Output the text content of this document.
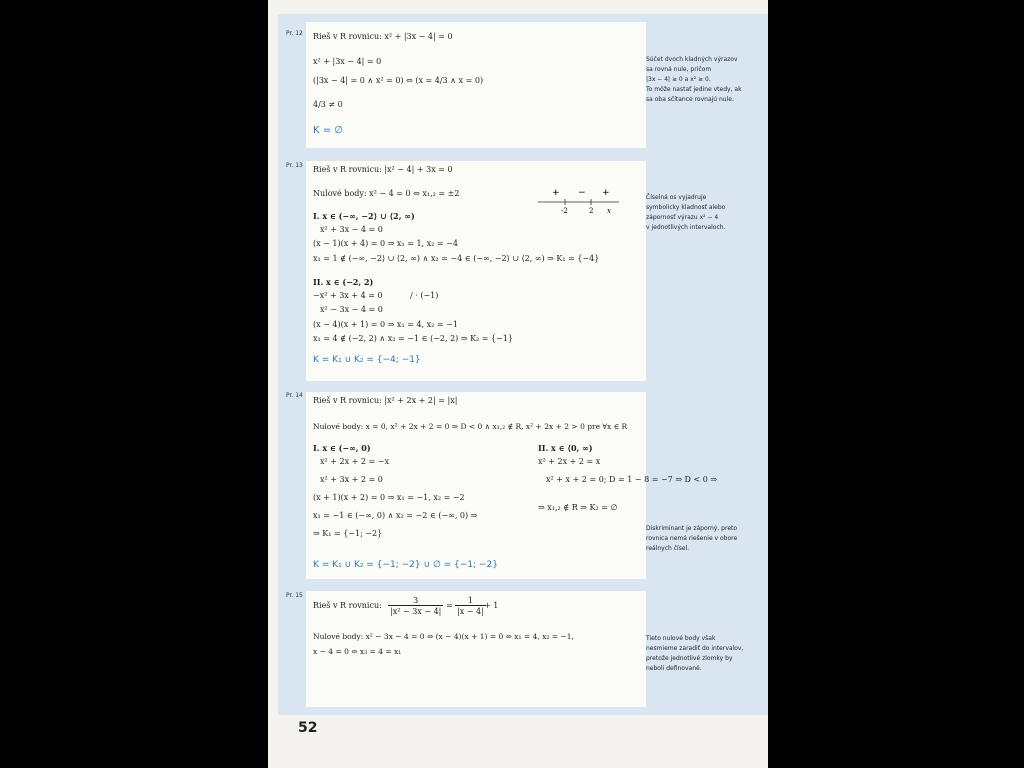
Pr. 12 Rieš v R rovnicu: x² + |3x − 4| = 0
x² + |3x − 4| = 0
(|3x − 4| = 0 ∧ x² = 0) ⇔ (x = 4/3 ∧ x = 0)
4/3 ≠ 0
K = ∅
Súčet dvoch kladných výrazov
sa rovná nule, pričom
|3x − 4| ≥ 0 a x² ≥ 0.
To môže nastať jedine vtedy, ak
sa oba sčítance rovnajú nule.
Pr. 13 Rieš v R rovnicu: |x² − 4| + 3x = 0
Nulové body: x² − 4 = 0 ⇔ x₁,₂ = ±2	+ − +
-2	2 x
I. x ∈ (−∞, −2⟩ ∪ ⟨2, ∞)
x² + 3x − 4 = 0
(x − 1)(x + 4) = 0 ⇒ x₁ = 1, x₂ = −4
x₁ = 1 ∉ (−∞, −2⟩ ∪ ⟨2, ∞) ∧ x₂ = −4 ∈ (−∞, −2⟩ ∪ ⟨2, ∞) ⇒ K₁ = {−4}
II. x ∈ (−2, 2)
−x² + 3x + 4 = 0	/ · (−1)
x² − 3x − 4 = 0
(x − 4)(x + 1) = 0 ⇒ x₁ = 4, x₂ = −1
x₁ = 4 ∉ (−2, 2) ∧ x₂ = −1 ∈ (−2, 2) ⇒ K₂ = {−1}
K = K₁ ∪ K₂ = {−4; −1}
Číselná os vyjadruje
symbolicky kladnosť alebo
zápornosť výrazu x² − 4
v jednotlivých intervaloch.
Pr. 14
Rieš v R rovnicu: |x² + 2x + 2| = |x|
Nulové body: x = 0, x² + 2x + 2 = 0 ⇒ D < 0 ∧ x₁,₂ ∉ R, x² + 2x + 2 > 0 pre ∀x ∈ R
I. x ∈ (−∞, 0)
x² + 2x + 2 = −x
x² + 3x + 2 = 0
(x + 1)(x + 2) = 0 ⇒ x₁ = −1, x₂ = −2
x₁ = −1 ∈ (−∞, 0) ∧ x₂ = −2 ∈ (−∞, 0) ⇒
⇒ K₁ = {−1; −2}
II. x ∈ ⟨0, ∞)
x² + 2x + 2 = x
x² + x + 2 = 0; D = 1 − 8 = −7 ⇒ D < 0 ⇒
⇒ x₁,₂ ∉ R ⇒ K₂ = ∅
K = K₁ ∪ K₂ = {−1; −2} ∪ ∅ = {−1; −2}
Diskriminant je záporný, preto
rovnica nemá riešenie v obore
reálnych čísel.
Pr. 15
Rieš v R rovnicu: $\frac{3}{\text{|x² − 3x − 4|}} = \frac{1}{|x - 4|}$
+ 1
Nulové body: x² − 3x − 4 = 0 ⇔ (x − 4)(x + 1) = 0 ⇔ x₁ = 4, x₂ = −1,
x − 4 = 0 ⇔ x₃ = 4 = x₁
Tieto nulové body však
nesmieme zaradiť do intervalov,
pretože jednotlivé zlomky by
neboli definované.
52
